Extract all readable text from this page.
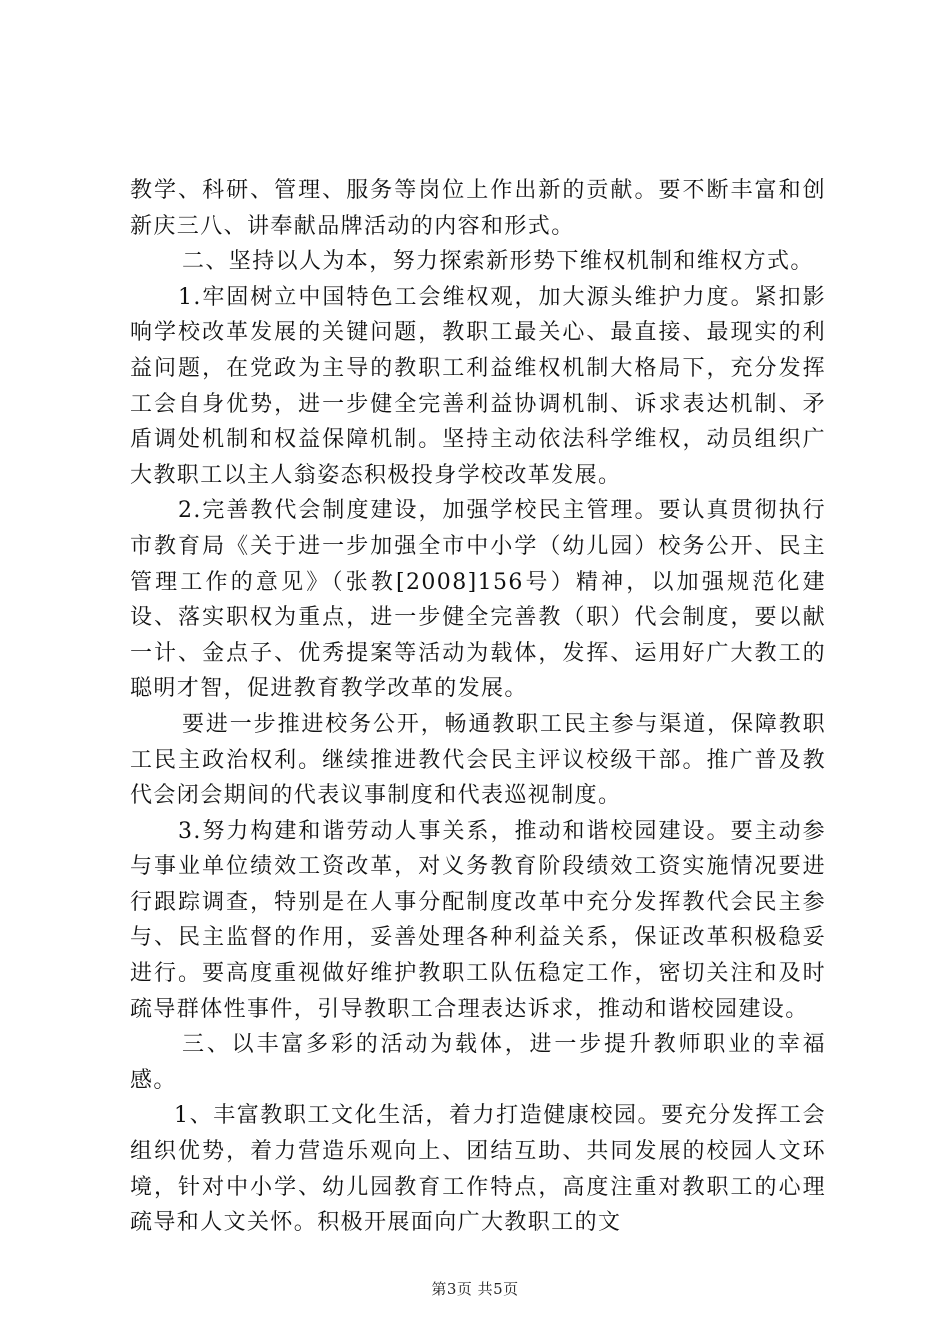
教学、科研、管理、服务等岗位上作出新的贡献。要不断丰富和创新庆三八、讲奉献品牌活动的内容和形式。

二、坚持以人为本，努力探索新形势下维权机制和维权方式。

1.牢固树立中国特色工会维权观，加大源头维护力度。紧扣影响学校改革发展的关键问题，教职工最关心、最直接、最现实的利益问题，在党政为主导的教职工利益维权机制大格局下，充分发挥工会自身优势，进一步健全完善利益协调机制、诉求表达机制、矛盾调处机制和权益保障机制。坚持主动依法科学维权，动员组织广大教职工以主人翁姿态积极投身学校改革发展。

2.完善教代会制度建设，加强学校民主管理。要认真贯彻执行市教育局《关于进一步加强全市中小学（幼儿园）校务公开、民主管理工作的意见》（张教[2008]156号）精神，以加强规范化建设、落实职权为重点，进一步健全完善教（职）代会制度，要以献一计、金点子、优秀提案等活动为载体，发挥、运用好广大教工的聪明才智，促进教育教学改革的发展。

要进一步推进校务公开，畅通教职工民主参与渠道，保障教职工民主政治权利。继续推进教代会民主评议校级干部。推广普及教代会闭会期间的代表议事制度和代表巡视制度。

3.努力构建和谐劳动人事关系，推动和谐校园建设。要主动参与事业单位绩效工资改革，对义务教育阶段绩效工资实施情况要进行跟踪调查，特别是在人事分配制度改革中充分发挥教代会民主参与、民主监督的作用，妥善处理各种利益关系，保证改革积极稳妥进行。要高度重视做好维护教职工队伍稳定工作，密切关注和及时疏导群体性事件，引导教职工合理表达诉求，推动和谐校园建设。

三、以丰富多彩的活动为载体，进一步提升教师职业的幸福感。

1、丰富教职工文化生活，着力打造健康校园。要充分发挥工会组织优势，着力营造乐观向上、团结互助、共同发展的校园人文环境，针对中小学、幼儿园教育工作特点，高度注重对教职工的心理疏导和人文关怀。积极开展面向广大教职工的文

第3页 共5页
